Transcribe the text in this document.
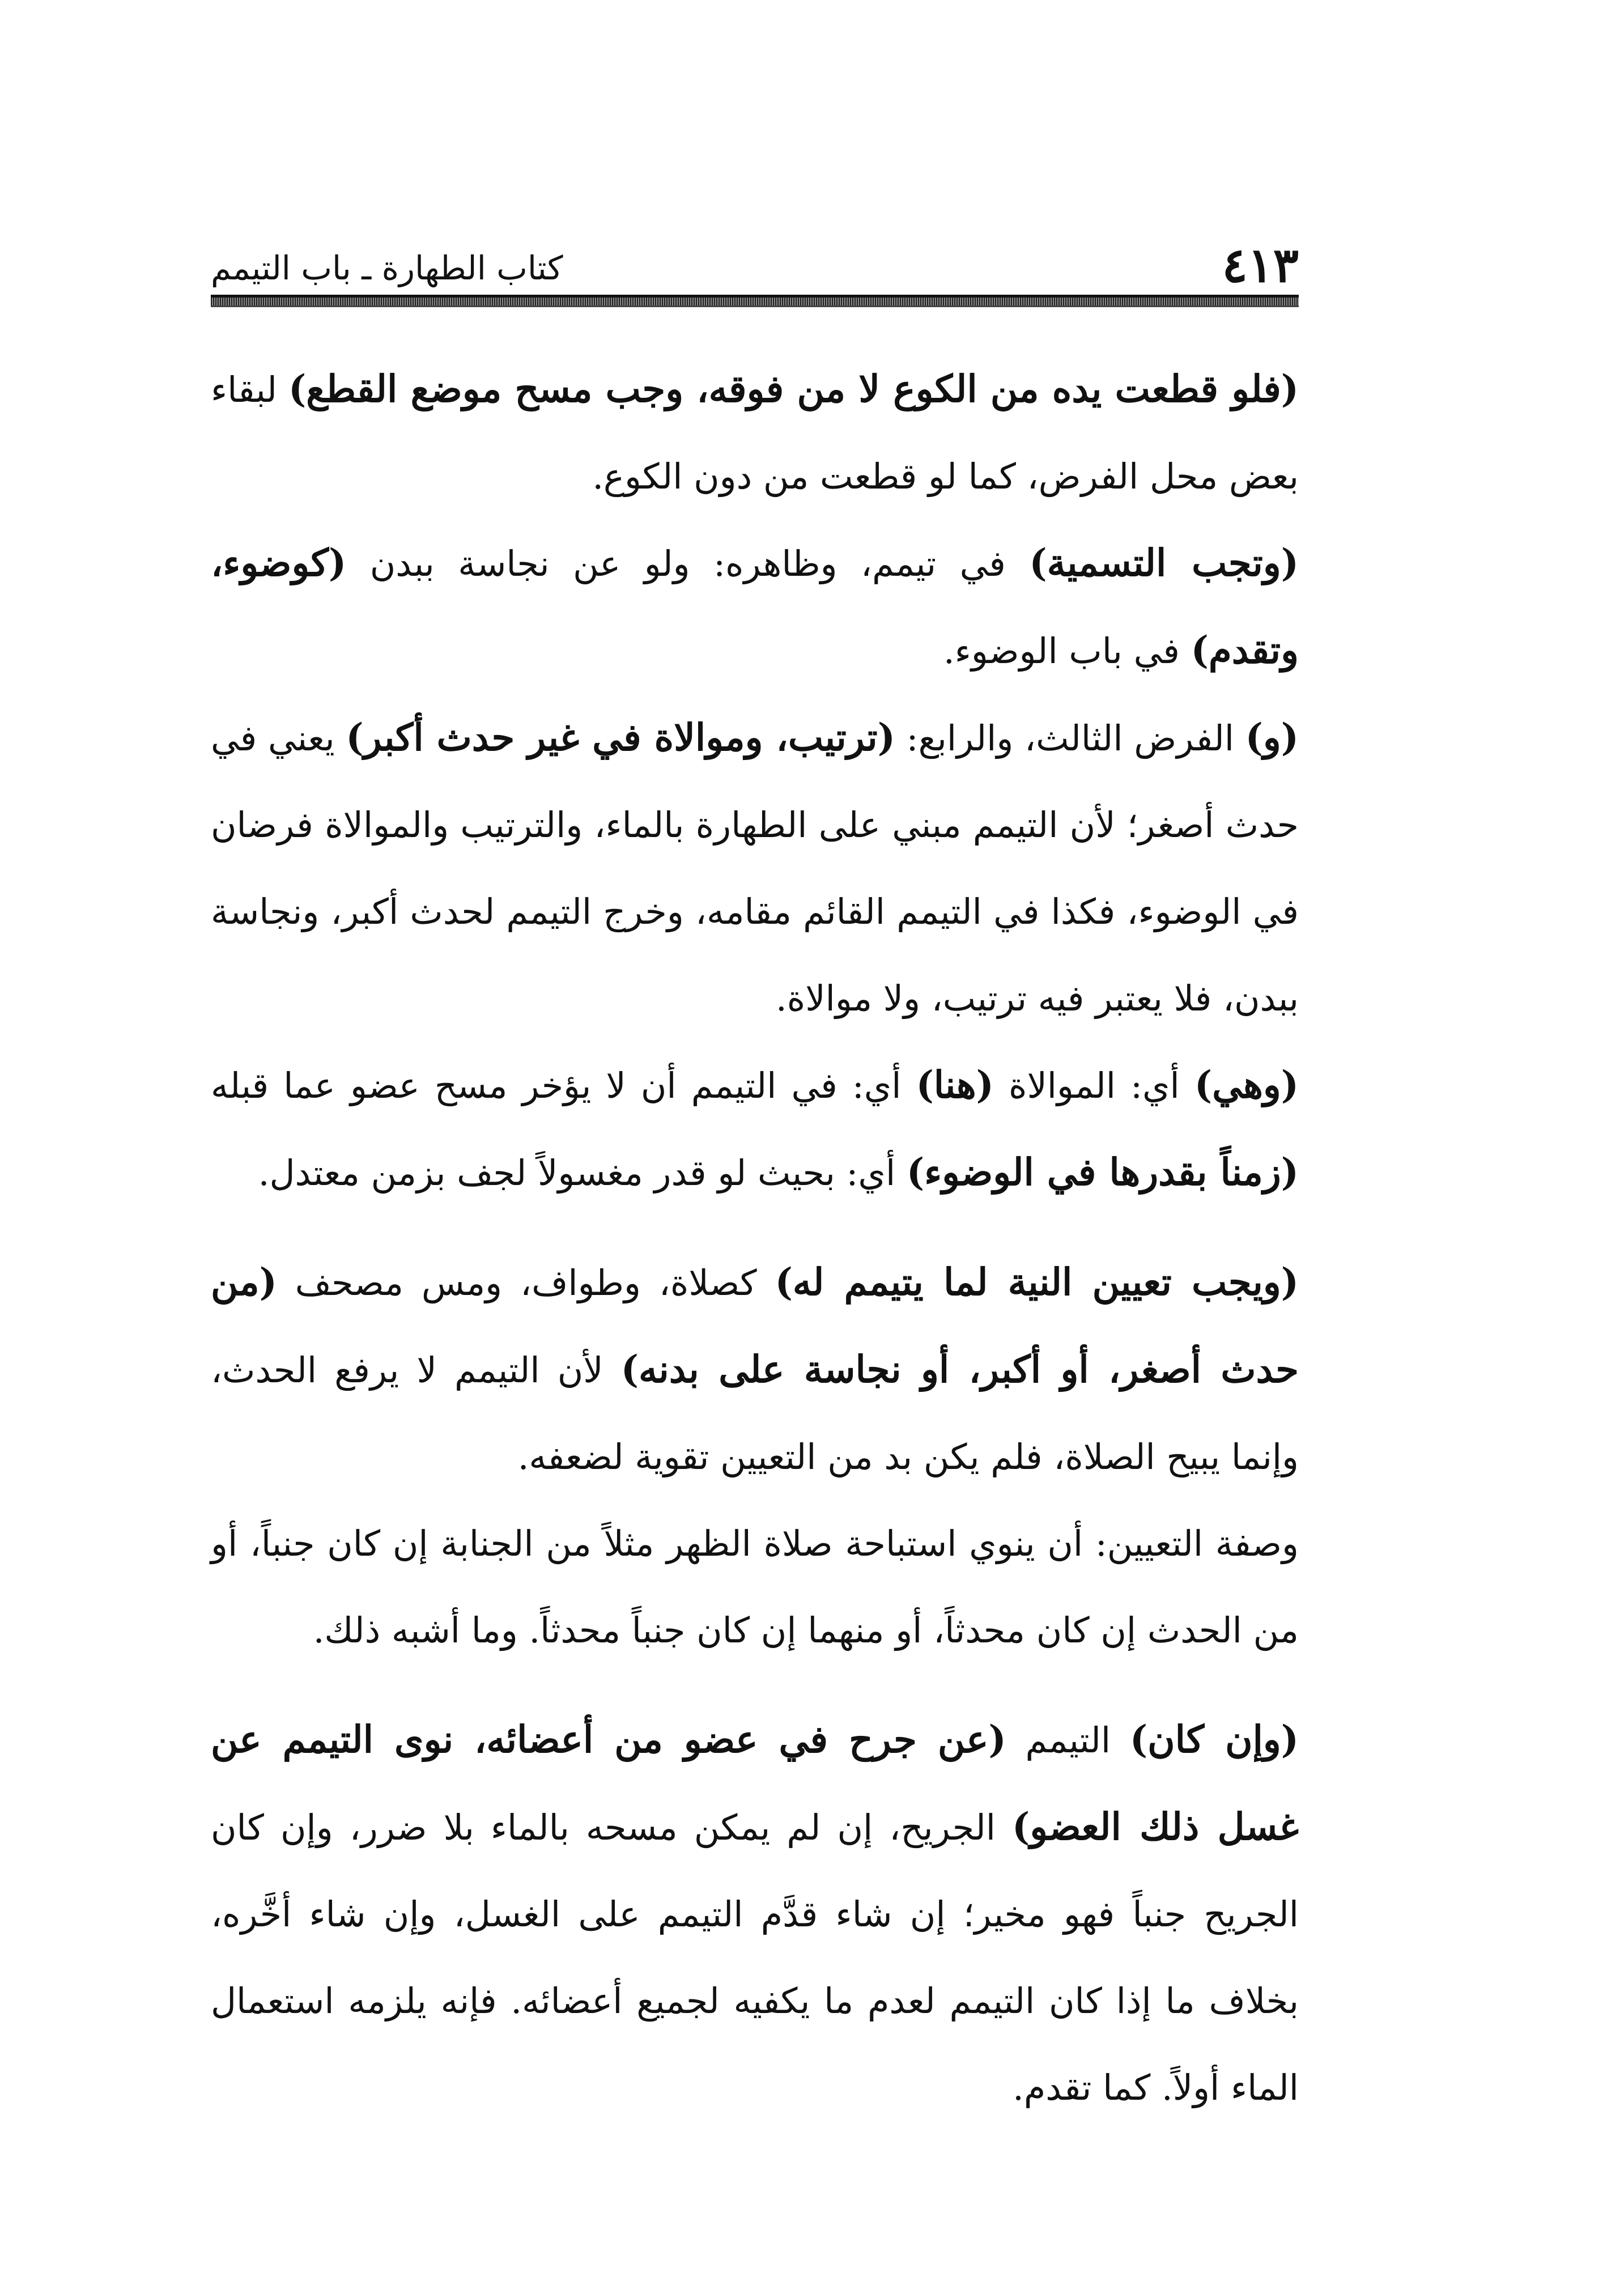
٤١٣
كتاب الطهارة ـ باب التيمم

(فلو قطعت يده من الكوع لا من فوقه، وجب مسح موضع القطع) لبقاء بعض محل الفرض، كما لو قطعت من دون الكوع.

(وتجب التسمية) في تيمم، وظاهره: ولو عن نجاسة ببدن (كوضوء، وتقدم) في باب الوضوء.

(و) الفرض الثالث، والرابع: (ترتيب، وموالاة في غير حدث أكبر) يعني في حدث أصغر؛ لأن التيمم مبني على الطهارة بالماء، والترتيب والموالاة فرضان في الوضوء، فكذا في التيمم القائم مقامه، وخرج التيمم لحدث أكبر، ونجاسة ببدن، فلا يعتبر فيه ترتيب، ولا موالاة.

(وهي) أي: الموالاة (هنا) أي: في التيمم أن لا يؤخر مسح عضو عما قبله (زمناً بقدرها في الوضوء) أي: بحيث لو قدر مغسولاً لجف بزمن معتدل.

(ويجب تعيين النية لما يتيمم له) كصلاة، وطواف، ومس مصحف (من حدث أصغر، أو أكبر، أو نجاسة على بدنه) لأن التيمم لا يرفع الحدث، وإنما يبيح الصلاة، فلم يكن بد من التعيين تقوية لضعفه.

وصفة التعيين: أن ينوي استباحة صلاة الظهر مثلاً من الجنابة إن كان جنباً، أو من الحدث إن كان محدثاً، أو منهما إن كان جنباً محدثاً. وما أشبه ذلك.

(وإن كان) التيمم (عن جرح في عضو من أعضائه، نوى التيمم عن غسل ذلك العضو) الجريح، إن لم يمكن مسحه بالماء بلا ضرر، وإن كان الجريح جنباً فهو مخير؛ إن شاء قدَّم التيمم على الغسل، وإن شاء أخَّره، بخلاف ما إذا كان التيمم لعدم ما يكفيه لجميع أعضائه. فإنه يلزمه استعمال الماء أولاً. كما تقدم.
